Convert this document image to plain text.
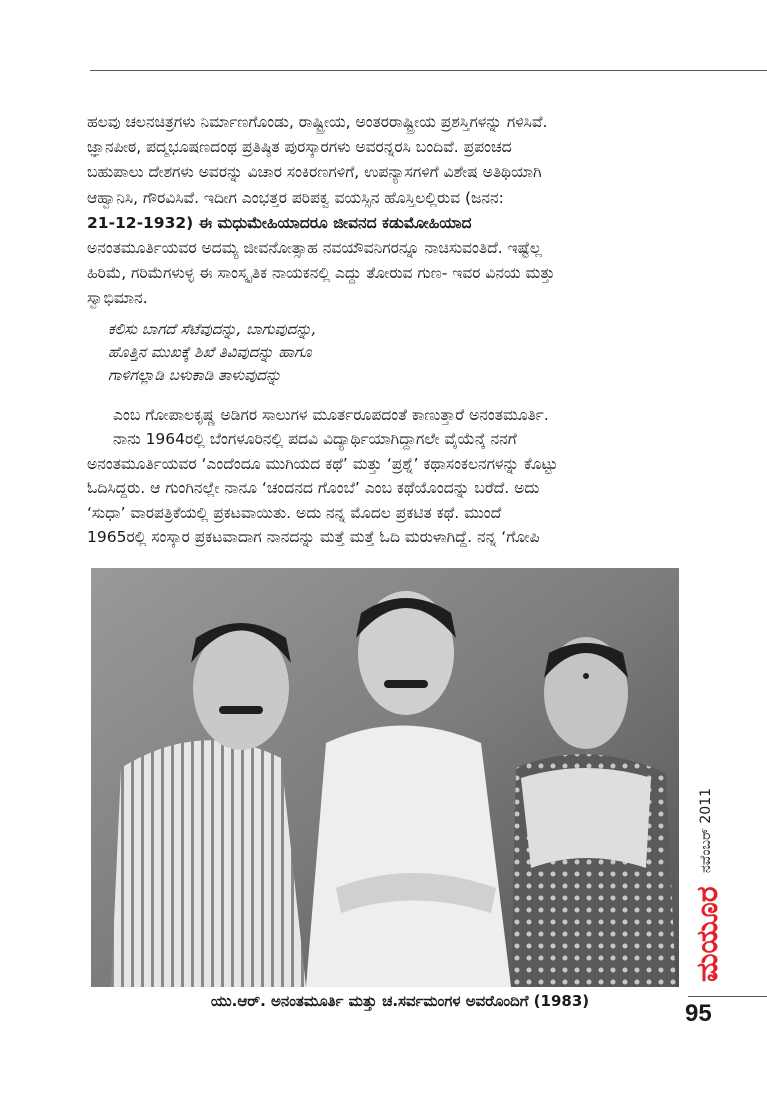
ಹಲವು ಚಲನಚಿತ್ರಗಳು ನಿರ್ಮಾಣಗೊಂಡು, ರಾಷ್ಟ್ರೀಯ, ಅಂತರರಾಷ್ಟ್ರೀಯ ಪ್ರಶಸ್ತಿಗಳನ್ನು ಗಳಿಸಿವೆ.

ಜ್ಞಾನಪೀಠ, ಪದ್ಮಭೂಷಣದಂಥ ಪ್ರತಿಷ್ಠಿತ ಪುರಸ್ಕಾರಗಳು ಅವರನ್ನರಸಿ ಬಂದಿವೆ. ಪ್ರಪಂಚದ

ಬಹುಪಾಲು ದೇಶಗಳು ಅವರನ್ನು ವಿಚಾರ ಸಂಕಿರಣಗಳಿಗೆ, ಉಪನ್ಯಾಸಗಳಿಗೆ ವಿಶೇಷ ಅತಿಥಿಯಾಗಿ

ಆಹ್ವಾನಿಸಿ, ಗೌರವಿಸಿವೆ. ಇದೀಗ ಎಂಭತ್ತರ ಪರಿಪಕ್ವ ವಯಸ್ಸಿನ ಹೊಸ್ತಿಲಲ್ಲಿರುವ (ಜನನ:

21-12-1932) ಈ ಮಧುಮೇಹಿಯಾದರೂ ಜೀವನದ ಕಡುಮೋಹಿಯಾದ

ಅನಂತಮೂರ್ತಿಯವರ ಅದಮ್ಯ ಜೀವನೋತ್ಸಾಹ ನವಯೌವನಿಗರನ್ನೂ ನಾಚಿಸುವಂತಿದೆ. ಇಷ್ಟೆಲ್ಲ

ಹಿರಿಮೆ, ಗರಿಮೆಗಳುಳ್ಳ ಈ ಸಾಂಸ್ಕೃತಿಕ ನಾಯಕನಲ್ಲಿ ಎದ್ದು ತೋರುವ ಗುಣ- ಇವರ ವಿನಯ ಮತ್ತು

ಸ್ವಾಭಿಮಾನ.

ಕಲಿಸು ಬಾಗದೆ ಸೆಟೆವುದನ್ನು, ಬಾಗುವುದನ್ನು,
ಹೊತ್ತಿನ ಮುಖಕ್ಕೆ ಶಿಖೆ ತಿವಿವುದನ್ನು ಹಾಗೂ
ಗಾಳಿಗಲ್ಲಾಡಿ ಬಳುಕಾಡಿ ತಾಳುವುದನ್ನು

ಎಂಬ ಗೋಪಾಲಕೃಷ್ಣ ಅಡಿಗರ ಸಾಲುಗಳ ಮೂರ್ತರೂಪದಂತೆ ಕಾಣುತ್ತಾರೆ ಅನಂತಮೂರ್ತಿ.

ನಾನು 1964ರಲ್ಲಿ ಬೆಂಗಳೂರಿನಲ್ಲಿ ಪದವಿ ವಿದ್ಯಾರ್ಥಿಯಾಗಿದ್ದಾಗಲೇ ವೈಯೆನ್ಕೆ ನನಗೆ

ಅನಂತಮೂರ್ತಿಯವರ ‘ಎಂದೆಂದೂ ಮುಗಿಯದ ಕಥೆ’ ಮತ್ತು ‘ಪ್ರಶ್ನೆ’ ಕಥಾಸಂಕಲನಗಳನ್ನು ಕೊಟ್ಟು

ಓದಿಸಿದ್ದರು. ಆ ಗುಂಗಿನಲ್ಲೇ ನಾನೂ ‘ಚಂದನದ ಗೊಂಬೆ’ ಎಂಬ ಕಥೆಯೊಂದನ್ನು ಬರೆದೆ. ಅದು

‘ಸುಧಾ’ ವಾರಪತ್ರಿಕೆಯಲ್ಲಿ ಪ್ರಕಟವಾಯಿತು. ಅದು ನನ್ನ ಮೊದಲ ಪ್ರಕಟಿತ ಕಥೆ. ಮುಂದೆ

1965ರಲ್ಲಿ ಸಂಸ್ಕಾರ ಪ್ರಕಟವಾದಾಗ ನಾನದನ್ನು ಮತ್ತೆ ಮತ್ತೆ ಓದಿ ಮರುಳಾಗಿದ್ದೆ. ನನ್ನ ‘ಗೋಪಿ

ಯು.ಆರ್. ಅನಂತಮೂರ್ತಿ ಮತ್ತು ಚ.ಸರ್ವಮಂಗಳ ಅವರೊಂದಿಗೆ (1983)	95
ನವೆಂಬರ್ 2011
ಮಯೂರ
